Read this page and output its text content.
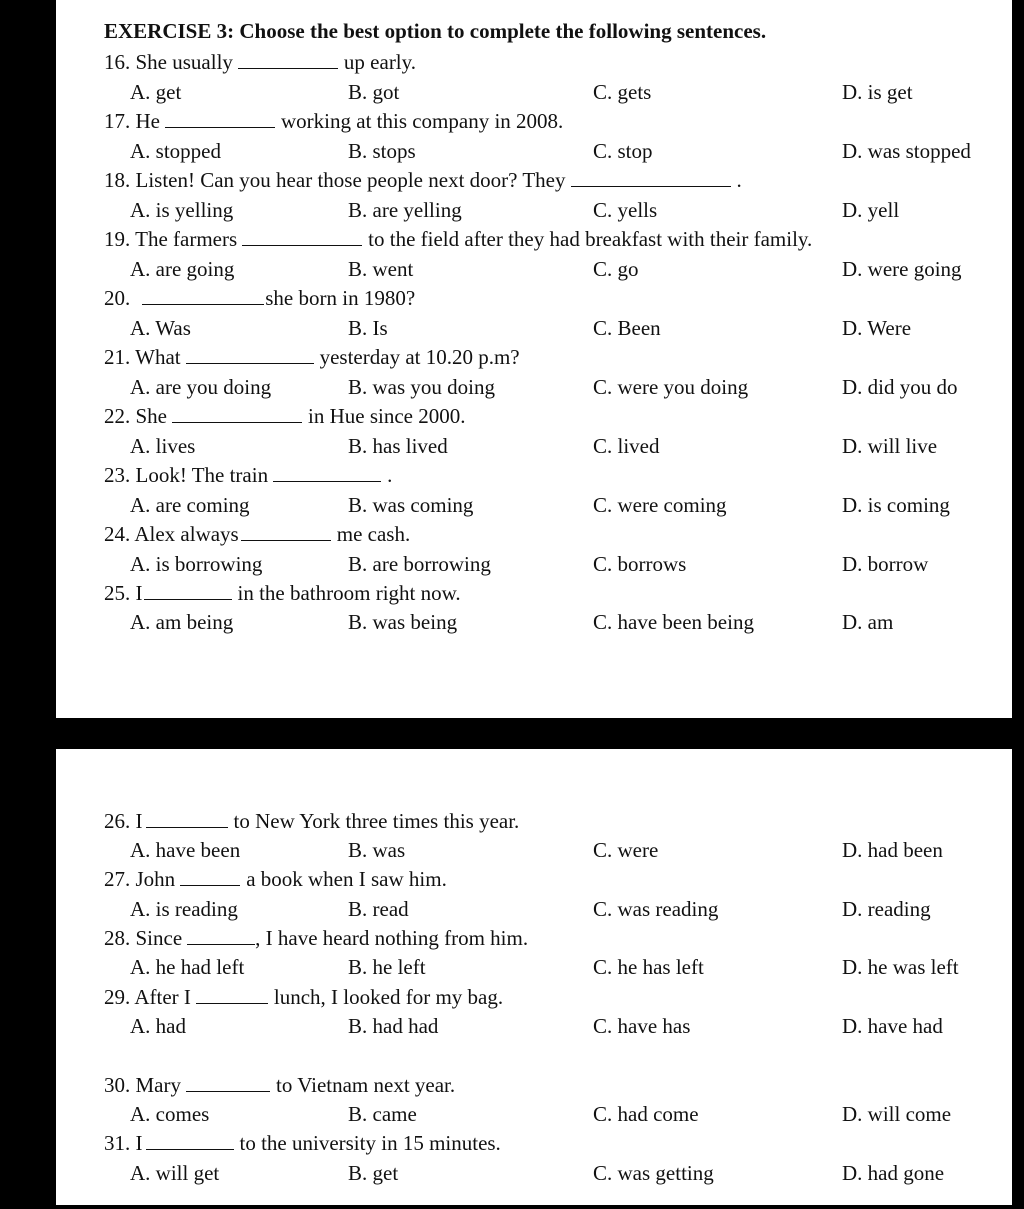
EXERCISE 3: Choose the best option to complete the following sentences.
16. She usually	up early.
A. get	B. got	C. gets	D. is get
17. He	working at this company in 2008.
A. stopped	B. stops	C. stop	D. was stopped
18. Listen! Can you hear those people next door? They	.
A. is yelling	B. are yelling	C. yells	D. yell
19. The farmers	to the field after they had breakfast with their family.
A. are going	B. went	C. go	D. were going
20.	she born in 1980?
A. Was	B. Is	C. Been	D. Were
21. What	yesterday at 10.20 p.m?
A. are you doing	B. was you doing	C. were you doing	D. did you do
22. She	in Hue since 2000.
A. lives	B. has lived	C. lived	D. will live
23. Look! The train	.
A. are coming	B. was coming	C. were coming	D. is coming
24. Alex always	me cash.
A. is borrowing	B. are borrowing	C. borrows	D. borrow
25. I	in the bathroom right now.
A. am being	B. was being	C. have been being	D. am
26. I	to New York three times this year.
A. have been	B. was	C. were	D. had been
27. John	a book when I saw him.
A. is reading	B. read	C. was reading	D. reading
28. Since	, I have heard nothing from him.
A. he had left	B. he left	C. he has left	D. he was left
29. After I	lunch, I looked for my bag.
A. had	B. had had	C. have has	D. have had
30. Mary	to Vietnam next year.
A. comes	B. came	C. had come	D. will come
31. I	to the university in 15 minutes.
A. will get	B. get	C. was getting	D. had gone
